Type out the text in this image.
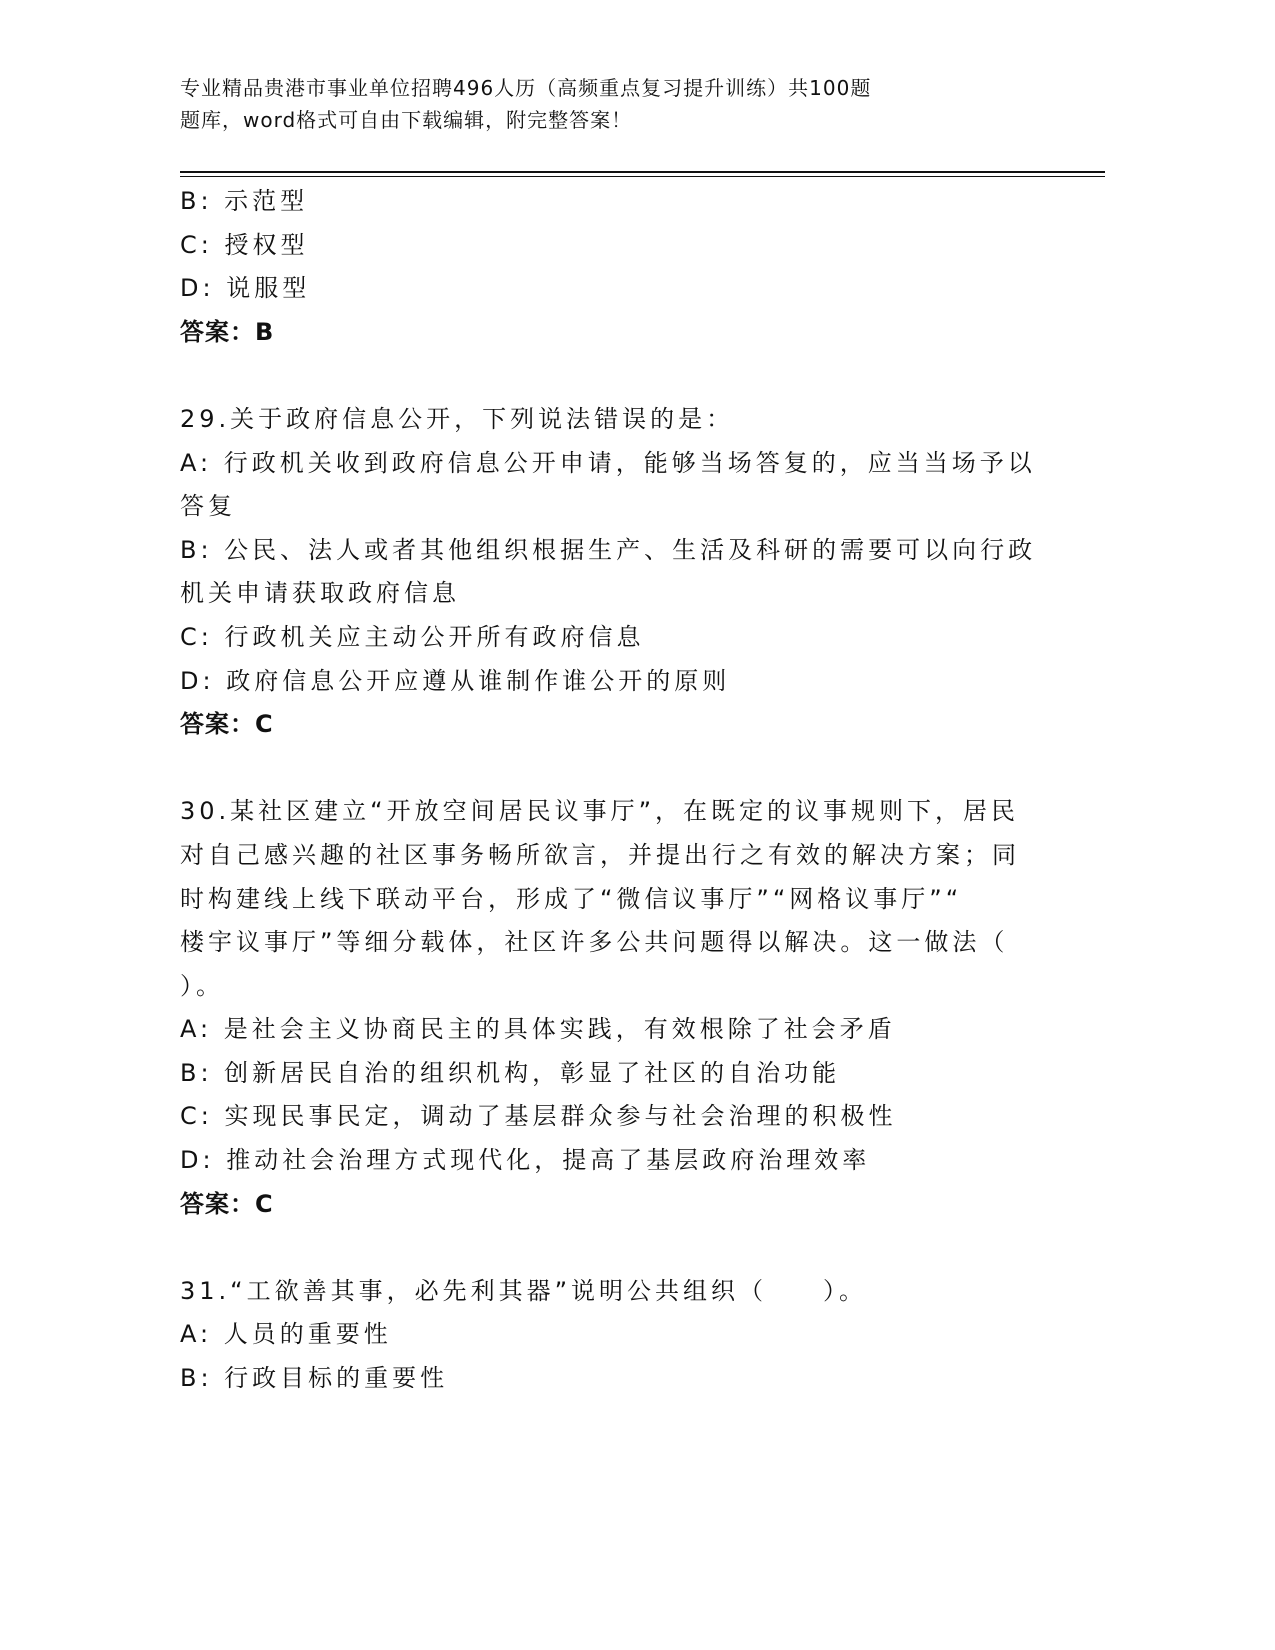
专业精品贵港市事业单位招聘496人历（高频重点复习提升训练）共100题
题库，word格式可自由下载编辑，附完整答案！
B: 示范型
C: 授权型
D: 说服型
答案：B
29.关于政府信息公开，下列说法错误的是：
A: 行政机关收到政府信息公开申请，能够当场答复的，应当当场予以
答复
B: 公民、法人或者其他组织根据生产、生活及科研的需要可以向行政
机关申请获取政府信息
C: 行政机关应主动公开所有政府信息
D: 政府信息公开应遵从谁制作谁公开的原则
答案：C
30.某社区建立“开放空间居民议事厅”，在既定的议事规则下，居民
对自己感兴趣的社区事务畅所欲言，并提出行之有效的解决方案；同
时构建线上线下联动平台，形成了“微信议事厅”“网格议事厅”“
楼宇议事厅”等细分载体，社区许多公共问题得以解决。这一做法（
）。
A: 是社会主义协商民主的具体实践，有效根除了社会矛盾
B: 创新居民自治的组织机构，彰显了社区的自治功能
C: 实现民事民定，调动了基层群众参与社会治理的积极性
D: 推动社会治理方式现代化，提高了基层政府治理效率
答案：C
31.“工欲善其事，必先利其器”说明公共组织（　　）。
A: 人员的重要性
B: 行政目标的重要性
